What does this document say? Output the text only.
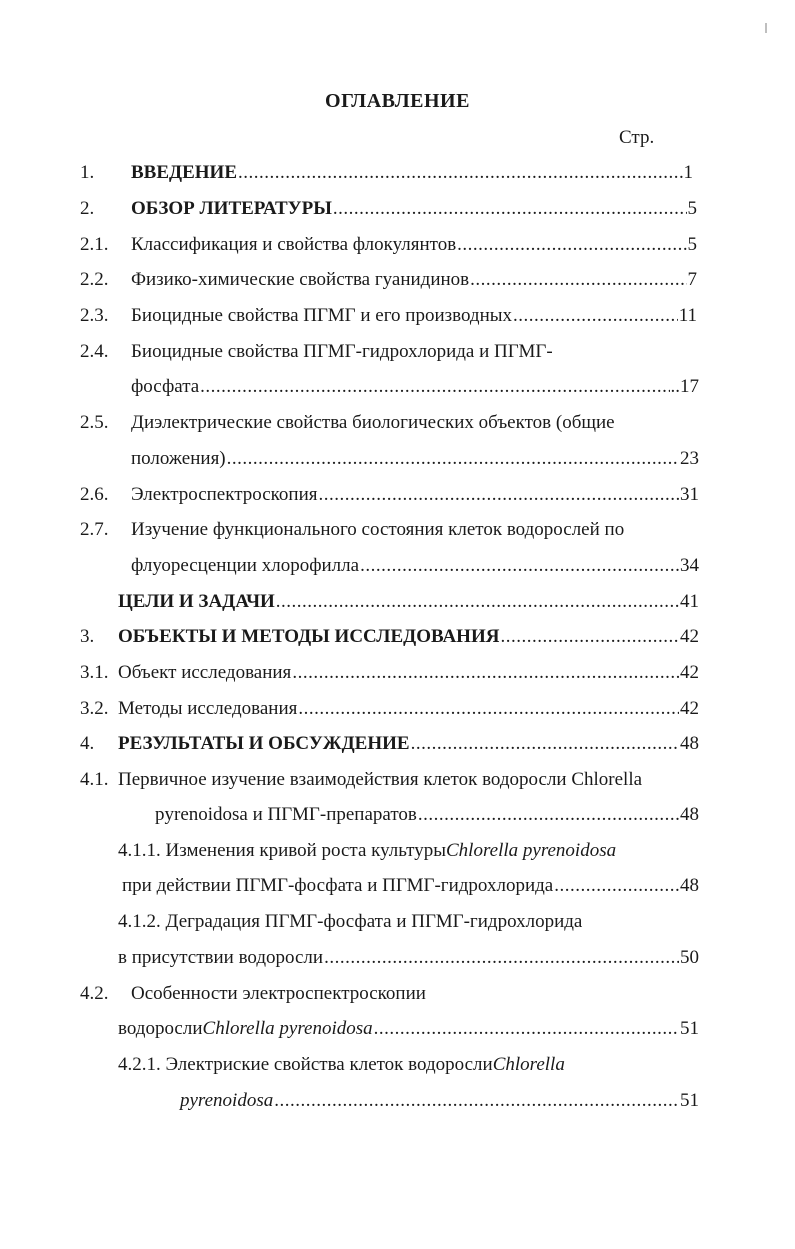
ОГЛАВЛЕНИЕ
Стр.
1. ВВЕДЕНИЕ .....	1
2. ОБЗОР ЛИТЕРАТУРЫ .....	5
2.1. Классификация и свойства флокулянтов .....	5
2.2. Физико-химические свойства гуанидинов .....	7
2.3. Биоцидные свойства ПГМГ и его производных .....	11
2.4. Биоцидные свойства ПГМГ-гидрохлорида и ПГМГ-
фосфата .....	..17
2.5. Диэлектрические свойства биологических объектов (общие
положения) .....	23
2.6. Электроспектроскопия .....	31
2.7. Изучение функционального состояния клеток водорослей по
флуоресценции хлорофилла .....	34
ЦЕЛИ И ЗАДАЧИ .....	41
3. ОБЪЕКТЫ И МЕТОДЫ ИССЛЕДОВАНИЯ .....	42
3.1. Объект исследования .....	42
3.2. Методы исследования .....	42
4. РЕЗУЛЬТАТЫ И ОБСУЖДЕНИЕ .....	48
4.1. Первичное изучение взаимодействия клеток водоросли Chlorella
pyrenoidosa и ПГМГ-препаратов .....	48
4.1.1.
Изменения кривой роста культуры Chlorella pyrenoidosa
при действии ПГМГ-фосфата и ПГМГ-гидрохлорида .....	48
4.1.2.
Деградация ПГМГ-фосфата и ПГМГ-гидрохлорида
в присутствии водоросли .....	50
4.2. Особенности электроспектроскопии
водоросли Chlorella pyrenoidosa .....	51
4.2.1.
Электриские свойства клеток водоросли Chlorella
pyrenoidosa .....	51
